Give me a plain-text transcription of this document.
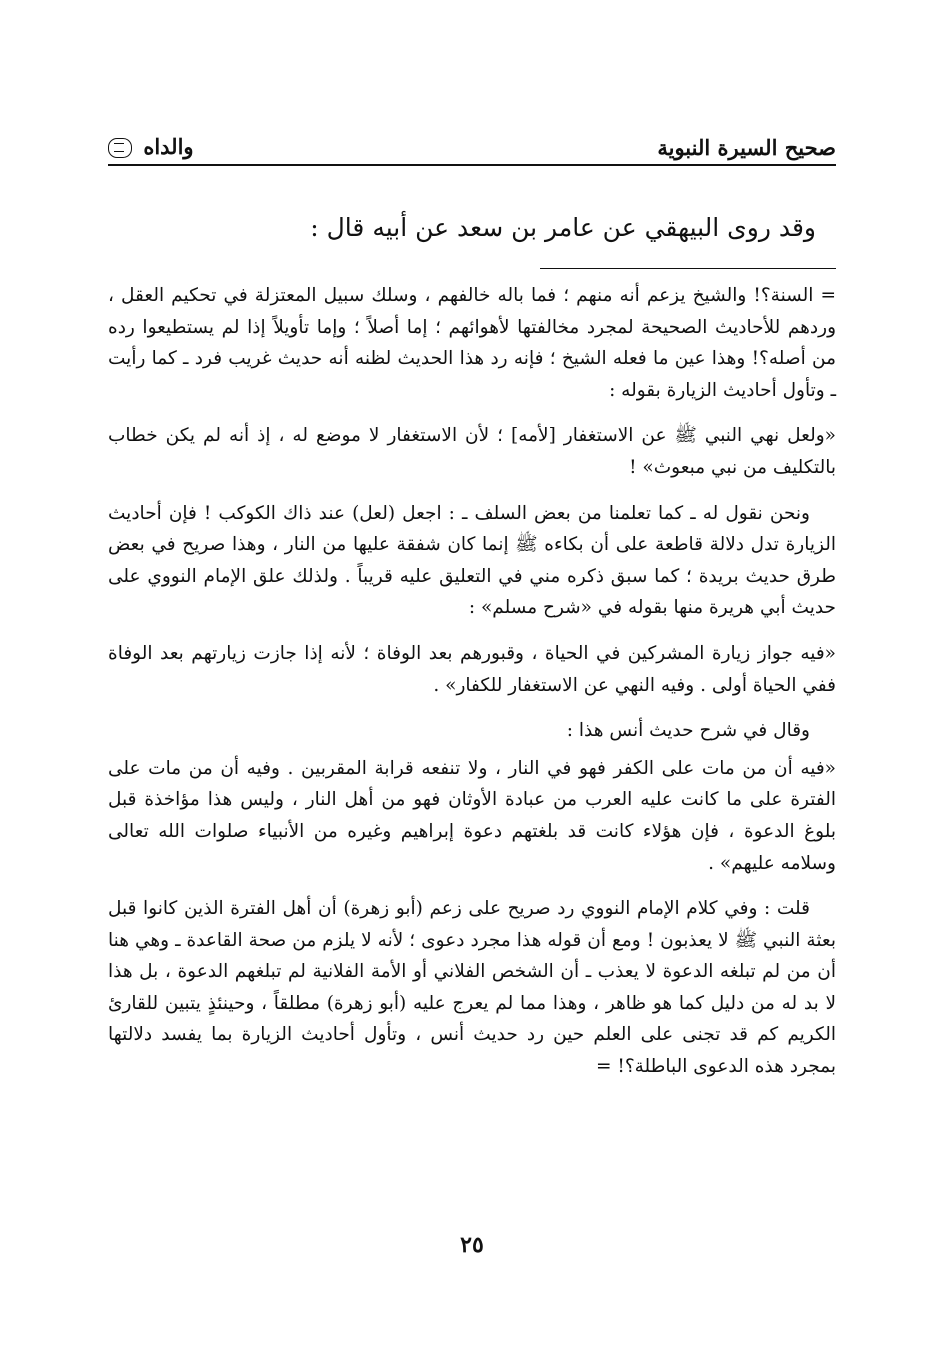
صحيح السيرة النبوية
والداه
وقد روى البيهقي عن عامر بن سعد عن أبيه قال :

= السنة؟! والشيخ يزعم أنه منهم ؛ فما باله خالفهم ، وسلك سبيل المعتزلة في تحكيم العقل ، وردهم للأحاديث الصحيحة لمجرد مخالفتها لأهوائهم ؛ إما أصلاً ؛ وإما تأويلاً إذا لم يستطيعوا رده من أصله؟! وهذا عين ما فعله الشيخ ؛ فإنه رد هذا الحديث لظنه أنه حديث غريب فرد ـ كما رأيت ـ وتأول أحاديث الزيارة بقوله :

«ولعل نهي النبي ﷺ عن الاستغفار [لأمه] ؛ لأن الاستغفار لا موضع له ، إذ أنه لم يكن خطاب بالتكليف من نبي مبعوث» !

ونحن نقول له ـ كما تعلمنا من بعض السلف ـ : اجعل (لعل) عند ذاك الكوكب ! فإن أحاديث الزيارة تدل دلالة قاطعة على أن بكاءه ﷺ إنما كان شفقة عليها من النار ، وهذا صريح في بعض طرق حديث بريدة ؛ كما سبق ذكره مني في التعليق عليه قريباً . ولذلك علق الإمام النووي على حديث أبي هريرة منها بقوله في «شرح مسلم» :

«فيه جواز زيارة المشركين في الحياة ، وقبورهم بعد الوفاة ؛ لأنه إذا جازت زيارتهم بعد الوفاة ففي الحياة أولى . وفيه النهي عن الاستغفار للكفار» .

وقال في شرح حديث أنس هذا :

«فيه أن من مات على الكفر فهو في النار ، ولا تنفعه قرابة المقربين . وفيه أن من مات على الفترة على ما كانت عليه العرب من عبادة الأوثان فهو من أهل النار ، وليس هذا مؤاخذة قبل بلوغ الدعوة ، فإن هؤلاء كانت قد بلغتهم دعوة إبراهيم وغيره من الأنبياء صلوات الله تعالى وسلامه عليهم» .

قلت : وفي كلام الإمام النووي رد صريح على زعم (أبو زهرة) أن أهل الفترة الذين كانوا قبل بعثة النبي ﷺ لا يعذبون ! ومع أن قوله هذا مجرد دعوى ؛ لأنه لا يلزم من صحة القاعدة ـ وهي هنا أن من لم تبلغه الدعوة لا يعذب ـ أن الشخص الفلاني أو الأمة الفلانية لم تبلغهم الدعوة ، بل هذا لا بد له من دليل كما هو ظاهر ، وهذا مما لم يعرج عليه (أبو زهرة) مطلقاً ، وحينئذٍ يتبين للقارئ الكريم كم قد تجنى على العلم حين رد حديث أنس ، وتأول أحاديث الزيارة بما يفسد دلالتها بمجرد هذه الدعوى الباطلة؟! =

٢٥
